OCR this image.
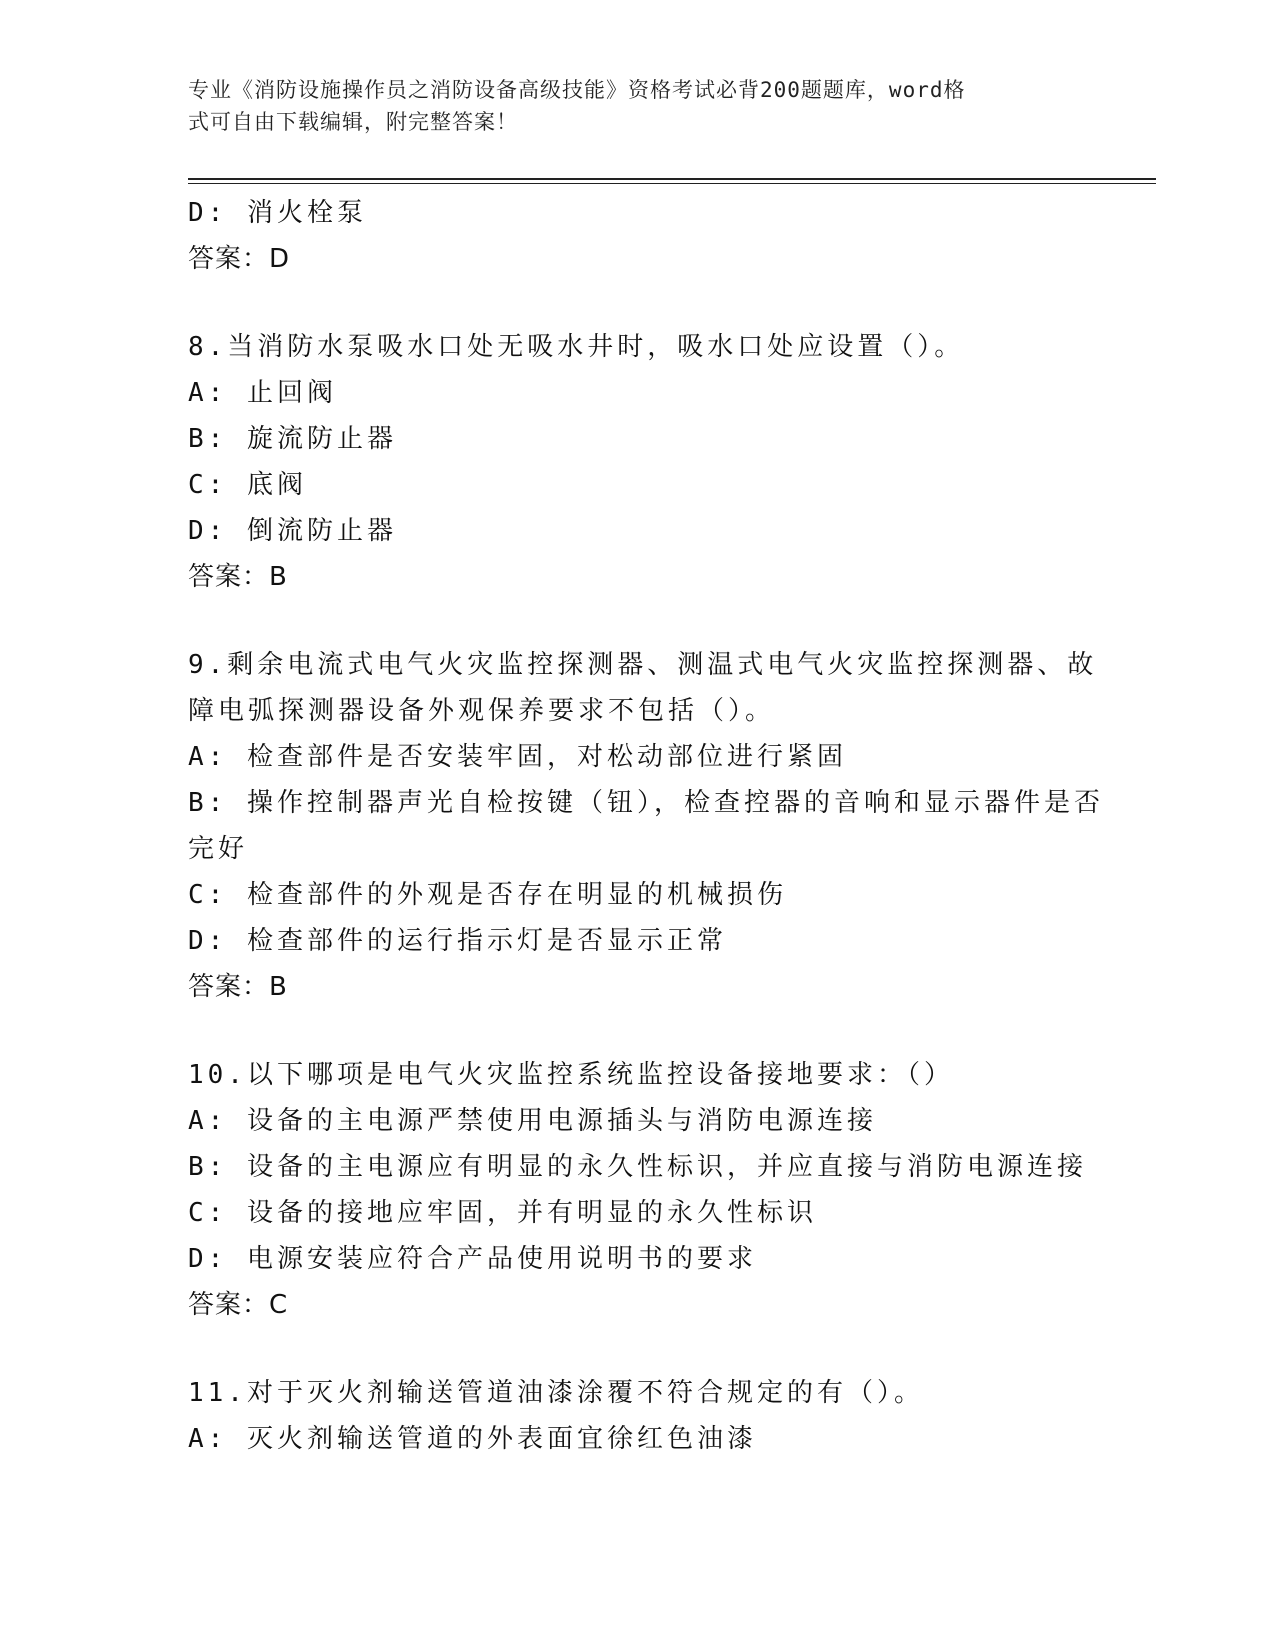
专业《消防设施操作员之消防设备高级技能》资格考试必背200题题库，word格
式可自由下载编辑，附完整答案！
D: 消火栓泵
答案：D
8.当消防水泵吸水口处无吸水井时，吸水口处应设置（）。
A: 止回阀
B: 旋流防止器
C: 底阀
D: 倒流防止器
答案：B
9.剩余电流式电气火灾监控探测器、测温式电气火灾监控探测器、故
障电弧探测器设备外观保养要求不包括（）。
A: 检查部件是否安装牢固，对松动部位进行紧固
B: 操作控制器声光自检按键（钮），检查控器的音响和显示器件是否
完好
C: 检查部件的外观是否存在明显的机械损伤
D: 检查部件的运行指示灯是否显示正常
答案：B
10.以下哪项是电气火灾监控系统监控设备接地要求：（）
A: 设备的主电源严禁使用电源插头与消防电源连接
B: 设备的主电源应有明显的永久性标识，并应直接与消防电源连接
C: 设备的接地应牢固，并有明显的永久性标识
D: 电源安装应符合产品使用说明书的要求
答案：C
11.对于灭火剂输送管道油漆涂覆不符合规定的有（）。
A: 灭火剂输送管道的外表面宜徐红色油漆
